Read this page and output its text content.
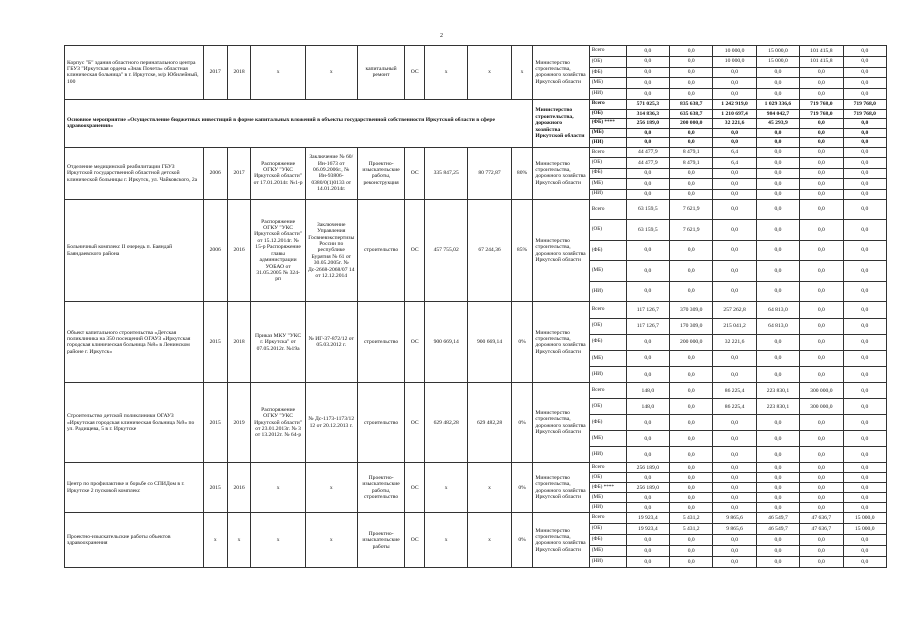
2
Корпус "Б" здания областного перинатального центра ГБУЗ "Иркутская ордена «Знак Почета» областная клиническая больница" в г. Иркутске, м/р Юбилейный, 100	2017	2018	x	x	капитальный ремонт	ОС	x	x	x	Министерство строительства, дорожного хозяйства Иркутской области	Всего	0,0	0,0	10 000,0	15 000,0	101 415,8	0,0
											(ОБ)	0,0	0,0	10 000,0	15 000,0	101 415,8	0,0
											(ФБ)	0,0	0,0	0,0	0,0	0,0	0,0
											(МБ)	0,0	0,0	0,0	0,0	0,0	0,0
											(НИ)	0,0	0,0	0,0	0,0	0,0	0,0
Основное мероприятие «Осуществление бюджетных инвестиций в форме капитальных вложений в объекты государственной собственности Иркутской области в сфере здравоохранения»										Министерство строительства, дорожного хозяйства Иркутской области	Всего	571 025,3	835 638,7	1 242 919,0	1 029 336,6	719 768,0	719 768,0
											(ОБ)	314 836,3	635 638,7	1 210 697,4	984 042,7	719 768,0	719 768,0
											(ФБ) ****	256 189,0	200 000,0	32 221,6	45 293,9	0,0	0,0
											(МБ)	0,0	0,0	0,0	0,0	0,0	0,0
											(НИ)	0,0	0,0	0,0	0,0	0,0	0,0
Отделение медицинской реабилитации ГБУЗ Иркутской государственной областной детской клинической больницы г. Иркутск, ул. Чайковского, 2а	2006	2017	Распоряжение ОГКУ "УКС Иркутской области" от 17.01.2014г. №1-р	Заключение № 60/Ин-1673 от 06.09.2006г., № Ин-93806-0380/0(1)0133 от 14.01.2014г.	Проектно-изыскательские работы, реконструкция	ОС	335 847,25	80 772,87	80%	Министерство строительства, дорожного хозяйства Иркутской области	Всего	44 477,9	8 479,1	6,4	0,0	0,0	0,0
											(ОБ)	44 477,9	8 479,1	6,4	0,0	0,0	0,0
											(ФБ)	0,0	0,0	0,0	0,0	0,0	0,0
											(МБ)	0,0	0,0	0,0	0,0	0,0	0,0
											(НИ)	0,0	0,0	0,0	0,0	0,0	0,0
Больничный комплекс II очередь п. Баяндай Баяндаевского района	2006	2016	Распоряжение ОГКУ "УКС Иркутской области" от 15.12.2014г. № 15-р Распоряжение главы администрации УОБАО от 31.05.2005 № 324-рп	Заключение Управления Госвневэкспертизы России по республике Бурятия № 61 от 30.05.2005г. № Дс-2668-2068/07 14 от 12.12.2014	строительство	ОС	457 755,02	67 244,36	85%	Министерство строительства, дорожного хозяйства Иркутской области	Всего	63 159,5	7 621,9	0,0	0,0	0,0	0,0
											(ОБ)	63 159,5	7 621,9	0,0	0,0	0,0	0,0
											(ФБ)	0,0	0,0	0,0	0,0	0,0	0,0
											(МБ)	0,0	0,0	0,0	0,0	0,0	0,0
											(НИ)	0,0	0,0	0,0	0,0	0,0	0,0
Объект капитального строительства «Детская поликлиника на 350 посещений ОГАУЗ «Иркутская городская клиническая больница №8» в Ленинском районе г. Иркутск»	2015	2018	Приказ МКУ "УКС г. Иркутска" от 07.05.2012г. №19а	№ ИГ-37-872/12 от 05.03.2012 г.	строительство	ОС	900 669,14	900 669,14	0%	Министерство строительства, дорожного хозяйства Иркутской области	Всего	117 126,7	370 309,0	257 262,8	64 813,0	0,0	0,0
											(ОБ)	117 126,7	170 309,0	215 041,2	64 813,0	0,0	0,0
											(ФБ)	0,0	200 000,0	32 221,6	0,0	0,0	0,0
											(МБ)	0,0	0,0	0,0	0,0	0,0	0,0
											(НИ)	0,0	0,0	0,0	0,0	0,0	0,0
Строительство детской поликлиники ОГАУЗ «Иркутская городская клиническая больница №9» по ул. Радищева, 5 в г. Иркутске	2015	2019	Распоряжение ОГКУ "УКС Иркутской области" от 23.01.2013г. № 3 от 13.2012г. № 64-р	№ Дс-1173-1173/12 12 от 20.12.2013 г.	строительство	ОС	629 482,28	629 482,28	0%	Министерство строительства, дорожного хозяйства Иркутской области	Всего	148,0	0,0	86 225,4	223 830,1	300 000,0	0,0
											(ОБ)	148,0	0,0	86 225,4	223 830,1	300 000,0	0,0
											(ФБ)	0,0	0,0	0,0	0,0	0,0	0,0
											(МБ)	0,0	0,0	0,0	0,0	0,0	0,0
											(НИ)	0,0	0,0	0,0	0,0	0,0	0,0
Центр по профилактике и борьбе со СПИДом в г. Иркутске 2 пусковой комплекс	2015	2016	x	x	Проектно-изыскательские работы, строительство	ОС	x	x	0%	Министерство строительства, дорожного хозяйства Иркутской области	Всего	256 189,0	0,0	0,0	0,0	0,0	0,0
											(ОБ)	0,0	0,0	0,0	0,0	0,0	0,0
											(ФБ) ****	256 189,0	0,0	0,0	0,0	0,0	0,0
											(МБ)	0,0	0,0	0,0	0,0	0,0	0,0
											(НИ)	0,0	0,0	0,0	0,0	0,0	0,0
Проектно-изыскательские работы объектов здравоохранения	x	x	x	x	Проектно-изыскательские работы	ОС	x	x	0%	Министерство строительства, дорожного хозяйства Иркутской области	Всего	19 923,4	5 431,2	9 865,6	46 549,7	47 636,7	15 000,0
											(ОБ)	19 923,4	5 431,2	9 865,6	46 549,7	47 636,7	15 000,0
											(ФБ)	0,0	0,0	0,0	0,0	0,0	0,0
											(МБ)	0,0	0,0	0,0	0,0	0,0	0,0
											(НИ)	0,0	0,0	0,0	0,0	0,0	0,0
